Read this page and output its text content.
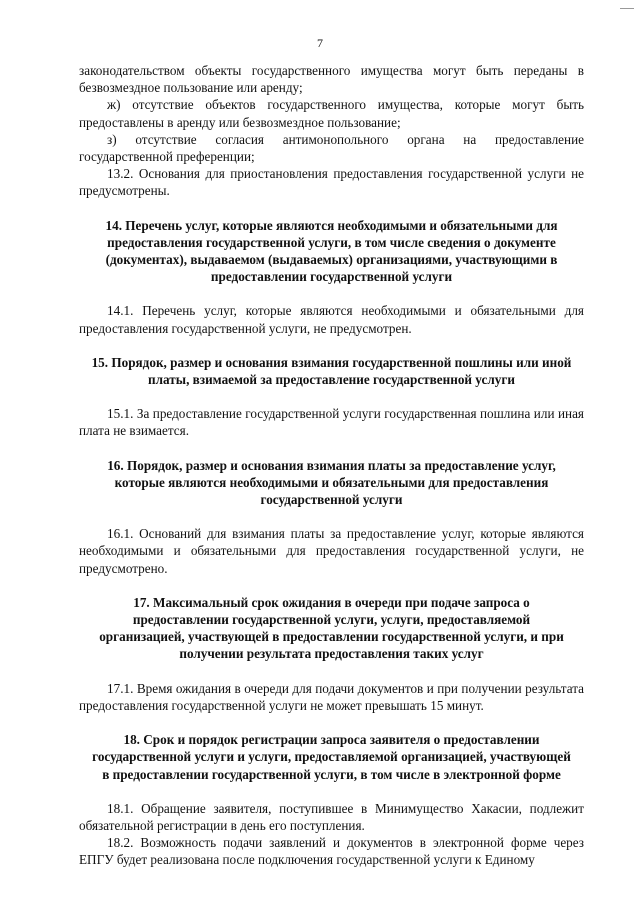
7

законодательством объекты государственного имущества могут быть переданы в безвозмездное пользование или аренду;

ж) отсутствие объектов государственного имущества, которые могут быть предоставлены в аренду или безвозмездное пользование;

з) отсутствие согласия антимонопольного органа на предоставление государственной преференции;

13.2. Основания для приостановления предоставления государственной услуги не предусмотрены.

14. Перечень услуг, которые являются необходимыми и обязательными для предоставления государственной услуги, в том числе сведения о документе (документах), выдаваемом (выдаваемых) организациями, участвующими в предоставлении государственной услуги

14.1. Перечень услуг, которые являются необходимыми и обязательными для предоставления государственной услуги, не предусмотрен.

15. Порядок, размер и основания взимания государственной пошлины или иной платы, взимаемой за предоставление государственной услуги

15.1. За предоставление государственной услуги государственная пошлина или иная плата не взимается.

16. Порядок, размер и основания взимания платы за предоставление услуг, которые являются необходимыми и обязательными для предоставления государственной услуги

16.1. Оснований для взимания платы за предоставление услуг, которые являются необходимыми и обязательными для предоставления государственной услуги, не предусмотрено.

17. Максимальный срок ожидания в очереди при подаче запроса о предоставлении государственной услуги, услуги, предоставляемой организацией, участвующей в предоставлении государственной услуги, и при получении результата предоставления таких услуг

17.1. Время ожидания в очереди для подачи документов и при получении результата предоставления государственной услуги не может превышать 15 минут.

18. Срок и порядок регистрации запроса заявителя о предоставлении государственной услуги и услуги, предоставляемой организацией, участвующей в предоставлении государственной услуги, в том числе в электронной форме

18.1. Обращение заявителя, поступившее в Минимущество Хакасии, подлежит обязательной регистрации в день его поступления.

18.2. Возможность подачи заявлений и документов в электронной форме через ЕПГУ будет реализована после подключения государственной услуги к Единому
